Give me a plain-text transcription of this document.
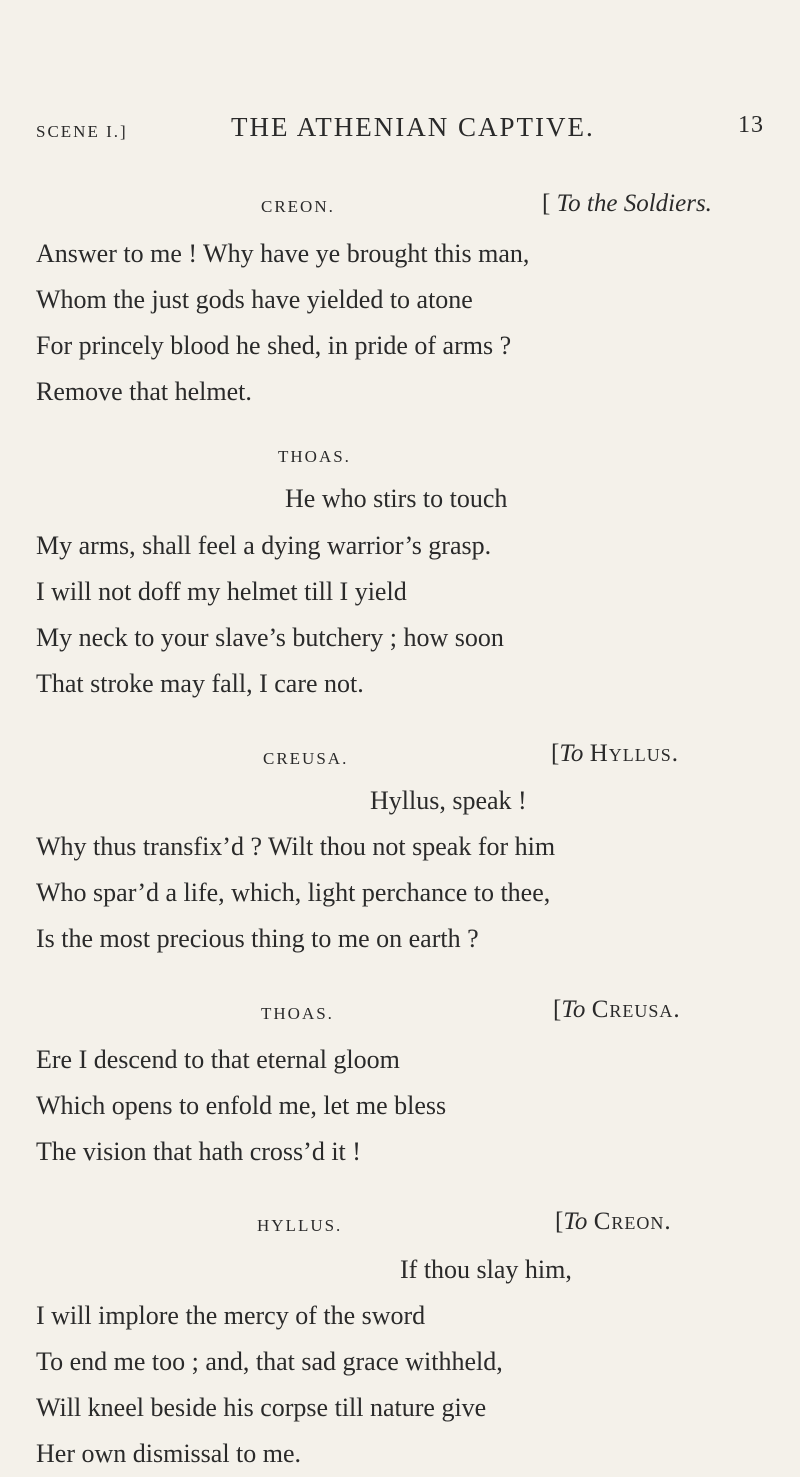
SCENE I.]	THE ATHENIAN CAPTIVE.	13
CREON.	[ To the Soldiers.
Answer to me ! Why have ye brought this man,
Whom the just gods have yielded to atone
For princely blood he shed, in pride of arms ?
Remove that helmet.
THOAS.
He who stirs to touch
My arms, shall feel a dying warrior’s grasp.
I will not doff my helmet till I yield
My neck to your slave’s butchery ; how soon
That stroke may fall, I care not.
CREUSA.	[To Hyllus.
Hyllus, speak !
Why thus transfix’d ? Wilt thou not speak for him
Who spar’d a life, which, light perchance to thee,
Is the most precious thing to me on earth ?
THOAS.	[To Creusa.
Ere I descend to that eternal gloom
Which opens to enfold me, let me bless
The vision that hath cross’d it !
HYLLUS.	[To Creon.
If thou slay him,
I will implore the mercy of the sword
To end me too ; and, that sad grace withheld,
Will kneel beside his corpse till nature give
Her own dismissal to me.
